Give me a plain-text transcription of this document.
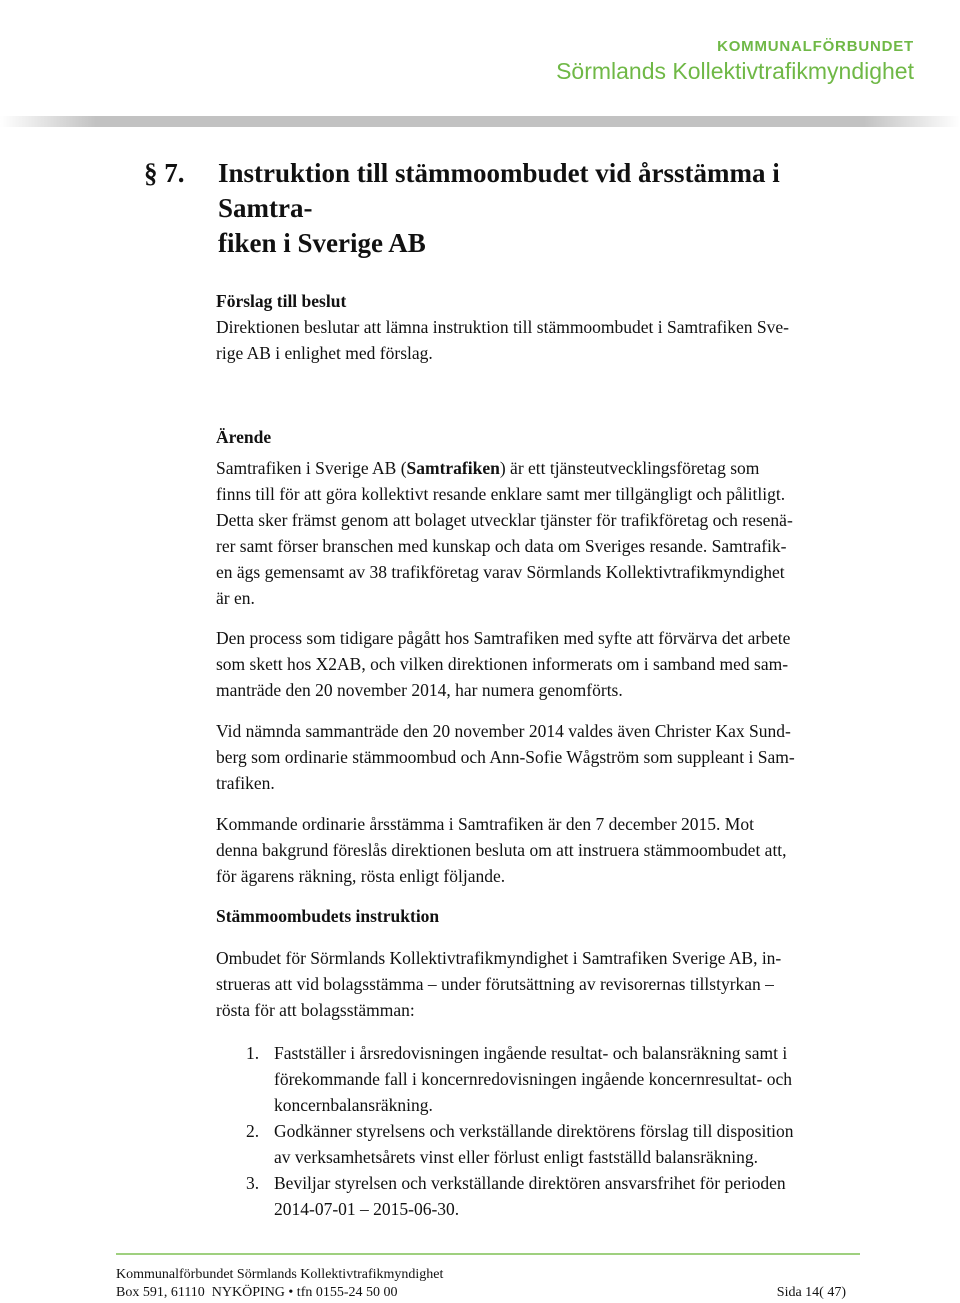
KOMMUNALFÖRBUNDET
Sörmlands Kollektivtrafikmyndighet
§ 7. Instruktion till stämmoombudet vid årsstämma i Samtra-
fiken i Sverige AB

Förslag till beslut

Direktionen beslutar att lämna instruktion till stämmoombudet i Samtrafiken Sve-
rige AB i enlighet med förslag.

Ärende

Samtrafiken i Sverige AB (Samtrafiken) är ett tjänsteutvecklingsföretag som
finns till för att göra kollektivt resande enklare samt mer tillgängligt och pålitligt.
Detta sker främst genom att bolaget utvecklar tjänster för trafikföretag och resenä-
rer samt förser branschen med kunskap och data om Sveriges resande. Samtrafik-
en ägs gemensamt av 38 trafikföretag varav Sörmlands Kollektivtrafikmyndighet
är en.

Den process som tidigare pågått hos Samtrafiken med syfte att förvärva det arbete
som skett hos X2AB, och vilken direktionen informerats om i samband med sam-
manträde den 20 november 2014, har numera genomförts.

Vid nämnda sammanträde den 20 november 2014 valdes även Christer Kax Sund-
berg som ordinarie stämmoombud och Ann-Sofie Wågström som suppleant i Sam-
trafiken.

Kommande ordinarie årsstämma i Samtrafiken är den 7 december 2015. Mot
denna bakgrund föreslås direktionen besluta om att instruera stämmoombudet att,
för ägarens räkning, rösta enligt följande.

Stämmoombudets instruktion

Ombudet för Sörmlands Kollektivtrafikmyndighet i Samtrafiken Sverige AB, in-
strueras att vid bolagsstämma – under förutsättning av revisorernas tillstyrkan –
rösta för att bolagsstämman:

1. Fastställer i årsredovisningen ingående resultat- och balansräkning samt i
förekommande fall i koncernredovisningen ingående koncernresultat- och
koncernbalansräkning.
2. Godkänner styrelsens och verkställande direktörens förslag till disposition
av verksamhetsårets vinst eller förlust enligt fastställd balansräkning.
3. Beviljar styrelsen och verkställande direktören ansvarsfrihet för perioden
2014-07-01 – 2015-06-30.
Kommunalförbundet Sörmlands Kollektivtrafikmyndighet
Box 591, 61110  NYKÖPING • tfn 0155-24 50 00	Sida 14( 47)
